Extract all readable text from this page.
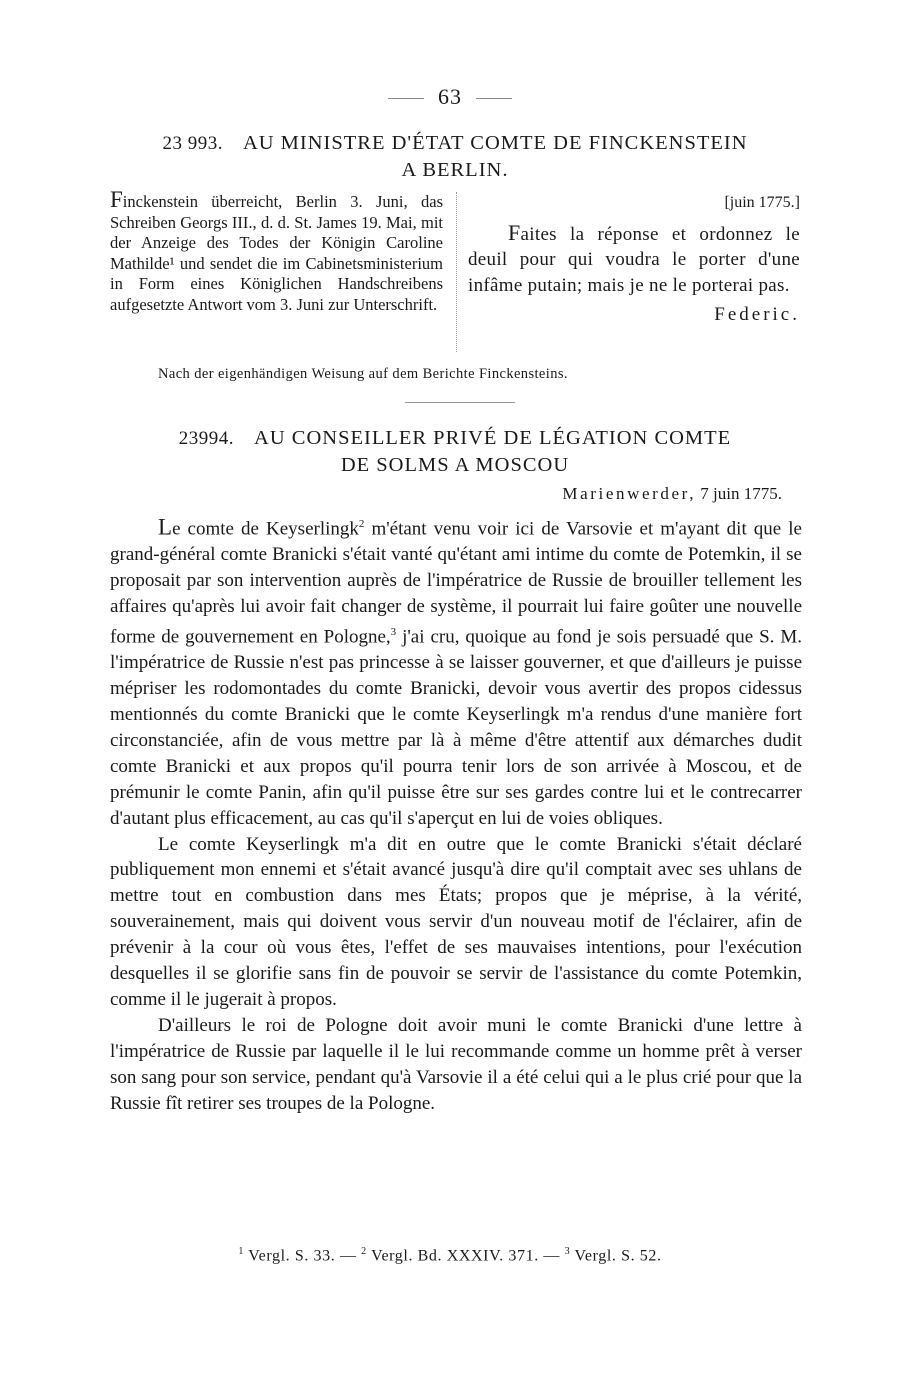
63
23 993. AU MINISTRE D'ÉTAT COMTE DE FINCKENSTEIN
A BERLIN.
Finckenstein überreicht, Berlin 3. Juni, das Schreiben Georgs III., d. d. St. James 19. Mai, mit der Anzeige des Todes der Königin Caroline Mathilde¹ und sendet die im Cabinetsministerium in Form eines Königlichen Handschreibens aufgesetzte Antwort vom 3. Juni zur Unterschrift.
[juin 1775.]
Faites la réponse et ordonnez le deuil pour qui voudra le porter d'une infâme putain; mais je ne le porterai pas.
Federic.
Nach der eigenhändigen Weisung auf dem Berichte Finckensteins.
23994. AU CONSEILLER PRIVÉ DE LÉGATION COMTE
DE SOLMS A MOSCOU
Marienwerder, 7 juin 1775.

Le comte de Keyserlingk$^2$ m'étant venu voir ici de Varsovie et m'ayant dit que le grand-général comte Branicki s'était vanté qu'étant ami intime du comte de Potemkin, il se proposait par son intervention auprès de l'impératrice de Russie de brouiller tellement les affaires qu'après lui avoir fait changer de système, il pourrait lui faire goûter une nouvelle forme de gouvernement en Pologne,$^3$ j'ai cru, quoique au fond je sois persuadé que S. M. l'impératrice de Russie n'est pas princesse à se laisser gouverner, et que d'ailleurs je puisse mépriser les rodomontades du comte Branicki, devoir vous avertir des propos cidessus mentionnés du comte Branicki que le comte Keyserlingk m'a rendus d'une manière fort circonstanciée, afin de vous mettre par là à même d'être attentif aux démarches dudit comte Branicki et aux propos qu'il pourra tenir lors de son arrivée à Moscou, et de prémunir le comte Panin, afin qu'il puisse être sur ses gardes contre lui et le contrecarrer d'autant plus efficacement, au cas qu'il s'aperçut en lui de voies obliques.

Le comte Keyserlingk m'a dit en outre que le comte Branicki s'était déclaré publiquement mon ennemi et s'était avancé jusqu'à dire qu'il comptait avec ses uhlans de mettre tout en combustion dans mes États; propos que je méprise, à la vérité, souverainement, mais qui doivent vous servir d'un nouveau motif de l'éclairer, afin de prévenir à la cour où vous êtes, l'effet de ses mauvaises intentions, pour l'exécution desquelles il se glorifie sans fin de pouvoir se servir de l'assistance du comte Potemkin, comme il le jugerait à propos.

D'ailleurs le roi de Pologne doit avoir muni le comte Branicki d'une lettre à l'impératrice de Russie par laquelle il le lui recommande comme un homme prêt à verser son sang pour son service, pendant qu'à Varsovie il a été celui qui a le plus crié pour que la Russie fît retirer ses troupes de la Pologne.

$^1$ Vergl. S. 33. — $^2$ Vergl. Bd. XXXIV. 371. — $^3$ Vergl. S. 52.
